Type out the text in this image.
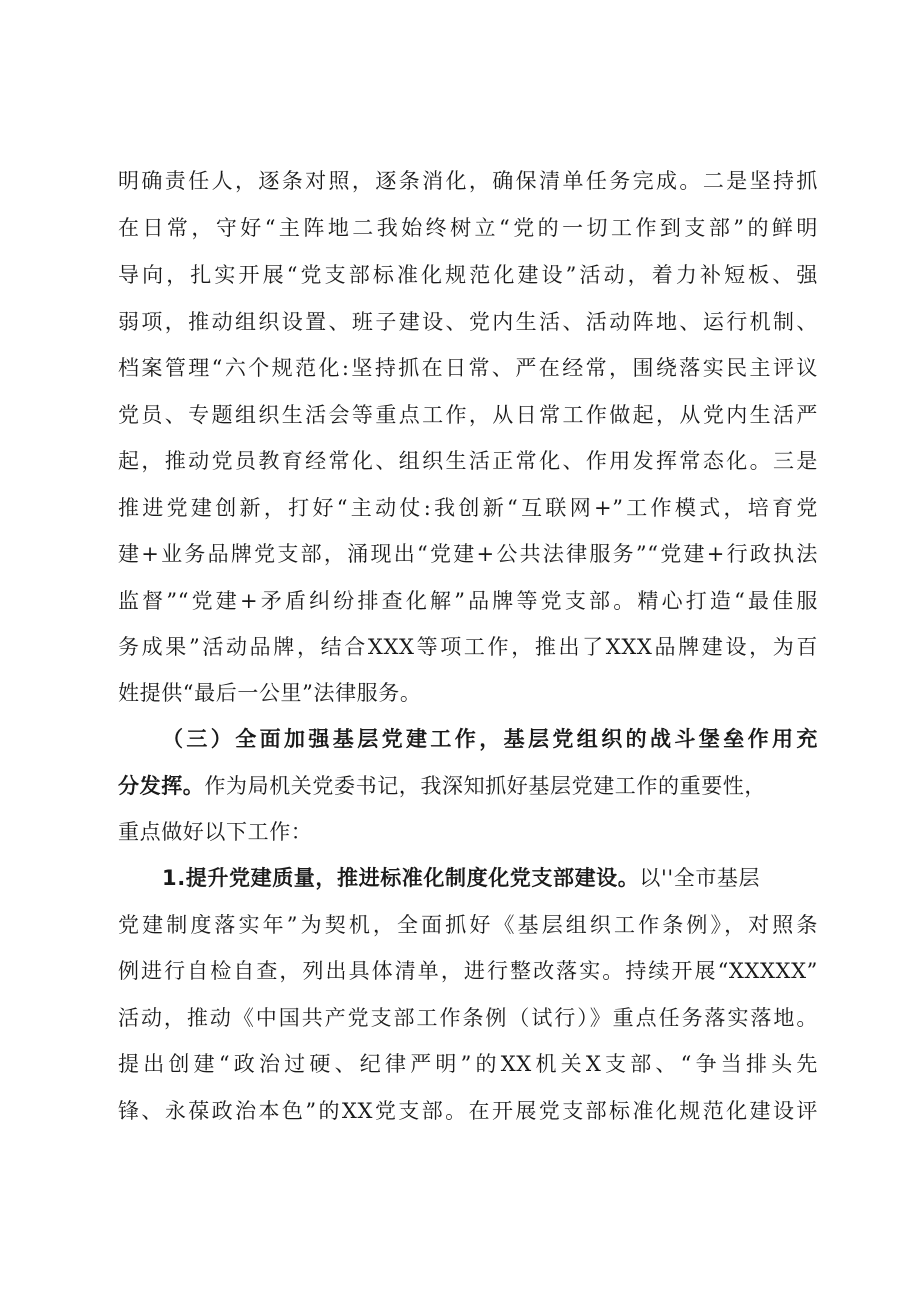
明确责任人，逐条对照，逐条消化，确保清单任务完成。二是坚持抓
在日常，守好“主阵地二我始终树立“党的一切工作到支部”的鲜明
导向，扎实开展“党支部标准化规范化建设”活动，着力补短板、强
弱项，推动组织设置、班子建设、党内生活、活动阵地、运行机制、
档案管理“六个规范化:坚持抓在日常、严在经常，围绕落实民主评议
党员、专题组织生活会等重点工作，从日常工作做起，从党内生活严
起，推动党员教育经常化、组织生活正常化、作用发挥常态化。三是
推进党建创新，打好“主动仗:我创新“互联网+”工作模式，培育党
建+业务品牌党支部，涌现出“党建+公共法律服务”“党建+行政执法
监督”“党建+矛盾纠纷排查化解”品牌等党支部。精心打造“最佳服
务成果”活动品牌，结合XXX等项工作，推出了XXX品牌建设，为百
姓提供“最后一公里”法律服务。
（三）全面加强基层党建工作，基层党组织的战斗堡垒作用充
分发挥。作为局机关党委书记，我深知抓好基层党建工作的重要性，
重点做好以下工作：
1.提升党建质量，推进标准化制度化党支部建设。以''全市基层
党建制度落实年”为契机，全面抓好《基层组织工作条例》，对照条
例进行自检自查，列出具体清单，进行整改落实。持续开展“XXXXX”
活动，推动《中国共产党支部工作条例（试行）》重点任务落实落地。
提出创建“政治过硬、纪律严明”的XX机关X支部、“争当排头先
锋、永葆政治本色”的XX党支部。在开展党支部标准化规范化建设评
